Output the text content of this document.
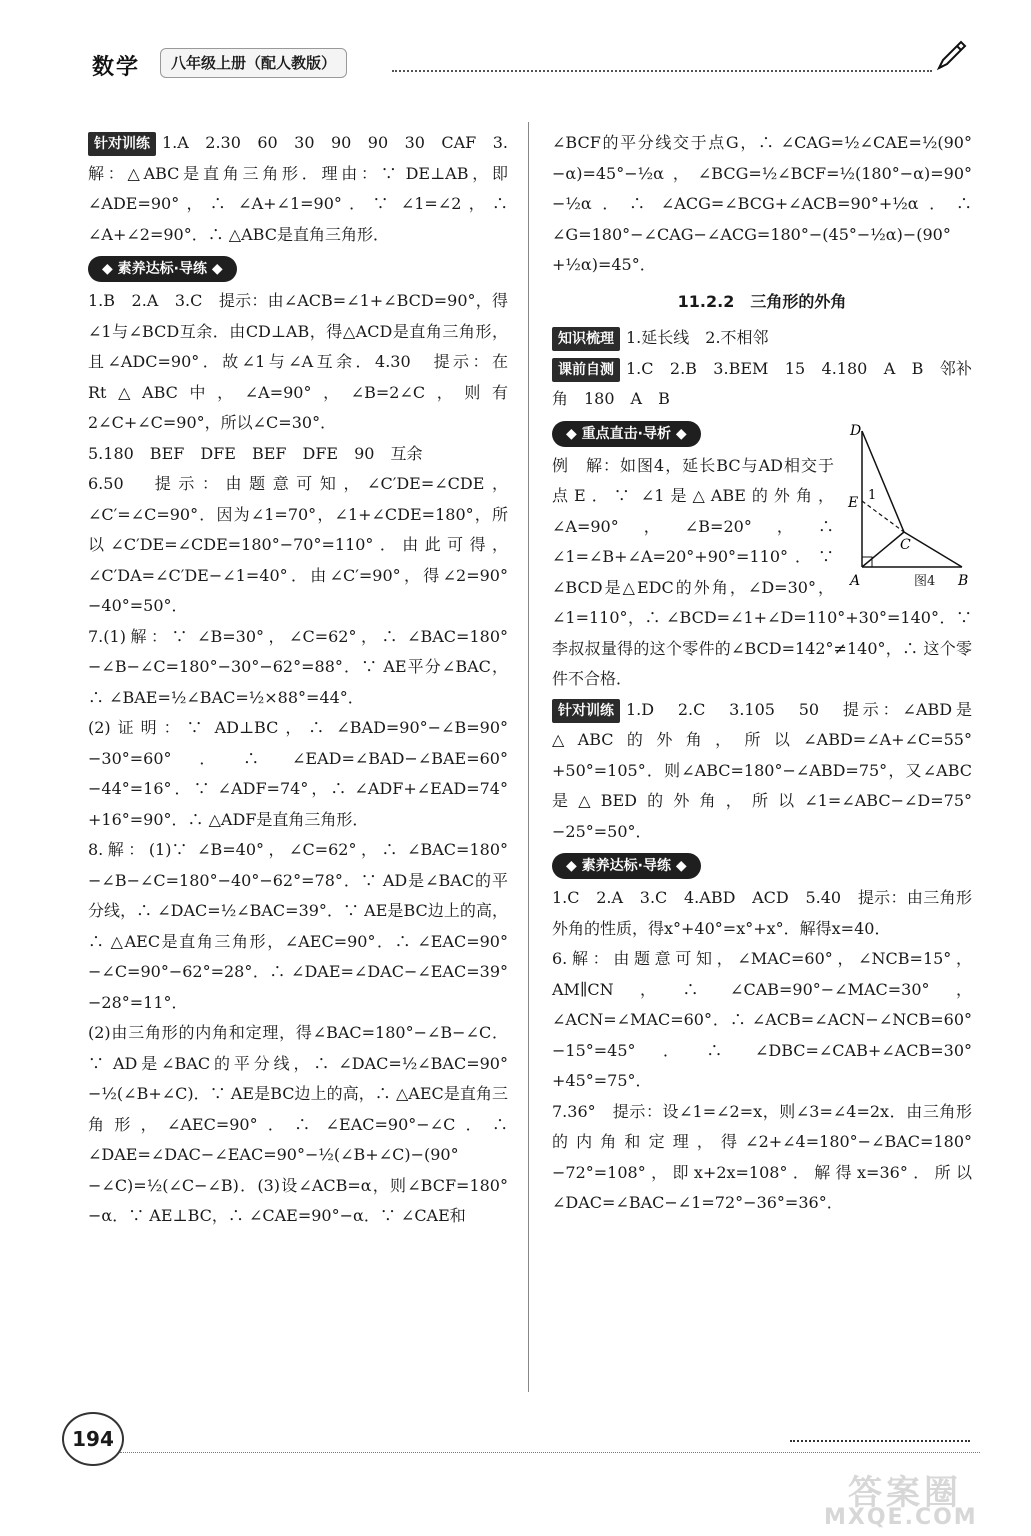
数学	八年级上册（配人教版）

针对训练 1.A　2.30　60　30　90　90　30　CAF　3.解：△ABC是直角三角形．理由：∵ DE⊥AB，即∠ADE=90°，∴ ∠A+∠1=90°．∵ ∠1=∠2，∴ ∠A+∠2=90°．∴ △ABC是直角三角形．

◆ 素养达标·导练 ◆

1.B　2.A　3.C　提示：由∠ACB=∠1+∠BCD=90°，得∠1与∠BCD互余．由CD⊥AB，得△ACD是直角三角形，且∠ADC=90°．故∠1与∠A互余．4.30　提示：在Rt△ABC中，∠A=90°，∠B=2∠C，则有2∠C+∠C=90°，所以∠C=30°．

5.180　BEF　DFE　BEF　DFE　90　互余

6.50　提示：由题意可知，∠C′DE=∠CDE，∠C′=∠C=90°．因为∠1=70°，∠1+∠CDE=180°，所以∠C′DE=∠CDE=180°−70°=110°．由此可得，∠C′DA=∠C′DE−∠1=40°．由∠C′=90°，得∠2=90°−40°=50°．

7.(1)解：∵ ∠B=30°，∠C=62°，∴ ∠BAC=180°−∠B−∠C=180°−30°−62°=88°．∵ AE平分∠BAC，∴ ∠BAE=½∠BAC=½×88°=44°．

(2)证明：∵ AD⊥BC，∴ ∠BAD=90°−∠B=90°−30°=60°．∴ ∠EAD=∠BAD−∠BAE=60°−44°=16°．∵ ∠ADF=74°，∴ ∠ADF+∠EAD=74°+16°=90°．∴ △ADF是直角三角形．

8.解：(1)∵ ∠B=40°，∠C=62°，∴ ∠BAC=180°−∠B−∠C=180°−40°−62°=78°．∵ AD是∠BAC的平分线，∴ ∠DAC=½∠BAC=39°．∵ AE是BC边上的高，∴ △AEC是直角三角形，∠AEC=90°．∴ ∠EAC=90°−∠C=90°−62°=28°．∴ ∠DAE=∠DAC−∠EAC=39°−28°=11°．

(2)由三角形的内角和定理，得∠BAC=180°−∠B−∠C．∵ AD是∠BAC的平分线，∴ ∠DAC=½∠BAC=90°−½(∠B+∠C)．∵ AE是BC边上的高，∴ △AEC是直角三角形，∠AEC=90°．∴ ∠EAC=90°−∠C．∴ ∠DAE=∠DAC−∠EAC=90°−½(∠B+∠C)−(90°−∠C)=½(∠C−∠B)．(3)设∠ACB=α，则∠BCF=180°−α．∵ AE⊥BC，∴ ∠CAE=90°−α．∵ ∠CAE和

∠BCF的平分线交于点G，∴ ∠CAG=½∠CAE=½(90°−α)=45°−½α，∠BCG=½∠BCF=½(180°−α)=90°−½α．∴ ∠ACG=∠BCG+∠ACB=90°+½α．∴ ∠G=180°−∠CAG−∠ACG=180°−(45°−½α)−(90°+½α)=45°．

11.2.2　三角形的外角

知识梳理 1.延长线　2.不相邻

课前自测 1.C　2.B　3.BEM　15　4.180　A　B　邻补角　180　A　B

◆ 重点直击·导析 ◆	D
E 1
C
A	B
图4

例　解：如图4，延长BC与AD相交于点E．∵ ∠1是△ABE的外角，∠A=90°，∠B=20°，∴ ∠1=∠B+∠A=20°+90°=110°．∵ ∠BCD是△EDC的外角，∠D=30°，∠1=110°，∴ ∠BCD=∠1+∠D=110°+30°=140°．∵ 李叔叔量得的这个零件的∠BCD=142°≠140°，∴ 这个零件不合格．

针对训练 1.D　2.C　3.105　50　提示：∠ABD是△ABC的外角，所以∠ABD=∠A+∠C=55°+50°=105°．则∠ABC=180°−∠ABD=75°，又∠ABC是△BED的外角，所以∠1=∠ABC−∠D=75°−25°=50°．

◆ 素养达标·导练 ◆

1.C　2.A　3.C　4.ABD　ACD　5.40　提示：由三角形外角的性质，得x°+40°=x°+x°．解得x=40．

6.解：由题意可知，∠MAC=60°，∠NCB=15°，AM∥CN，∴ ∠CAB=90°−∠MAC=30°，∠ACN=∠MAC=60°．∴ ∠ACB=∠ACN−∠NCB=60°−15°=45°．∴ ∠DBC=∠CAB+∠ACB=30°+45°=75°．

7.36°　提示：设∠1=∠2=x，则∠3=∠4=2x．由三角形的内角和定理，得∠2+∠4=180°−∠BAC=180°−72°=108°，即x+2x=108°．解得x=36°．所以∠DAC=∠BAC−∠1=72°−36°=36°．

194
答案圈
MXQE.COM
